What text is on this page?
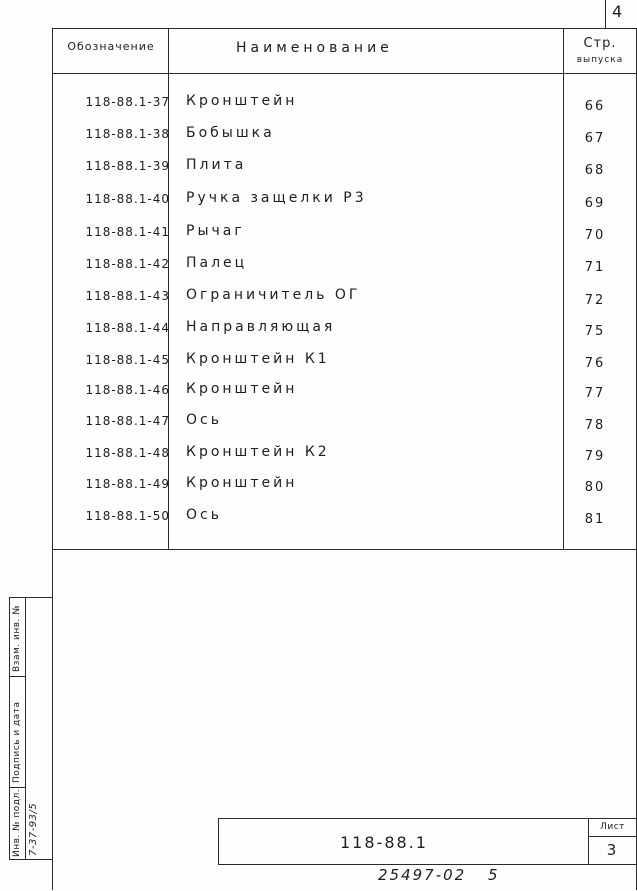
4
Обозначение	Наименование	Стр.
выпуска
118-88.1-37 Кронштейн	66
118-88.1-38 Бобышка	67
118-88.1-39 Плита	68
118-88.1-40 Ручка защелки Р3	69
118-88.1-41 Рычаг	70
118-88.1-42 Палец	71
118-88.1-43 Ограничитель ОГ	72
118-88.1-44 Направляющая	75
118-88.1-45 Кронштейн К1	76
118-88.1-46 Кронштейн	77
118-88.1-47 Ось	78
118-88.1-48 Кронштейн К2	79
118-88.1-49 Кронштейн	80
118-88.1-50 Ось	81
Взам. инв. №
Подпись и дата
Инв. № подл. 7-37-93/5	118-88.1
Лист
3
25497-02 5
